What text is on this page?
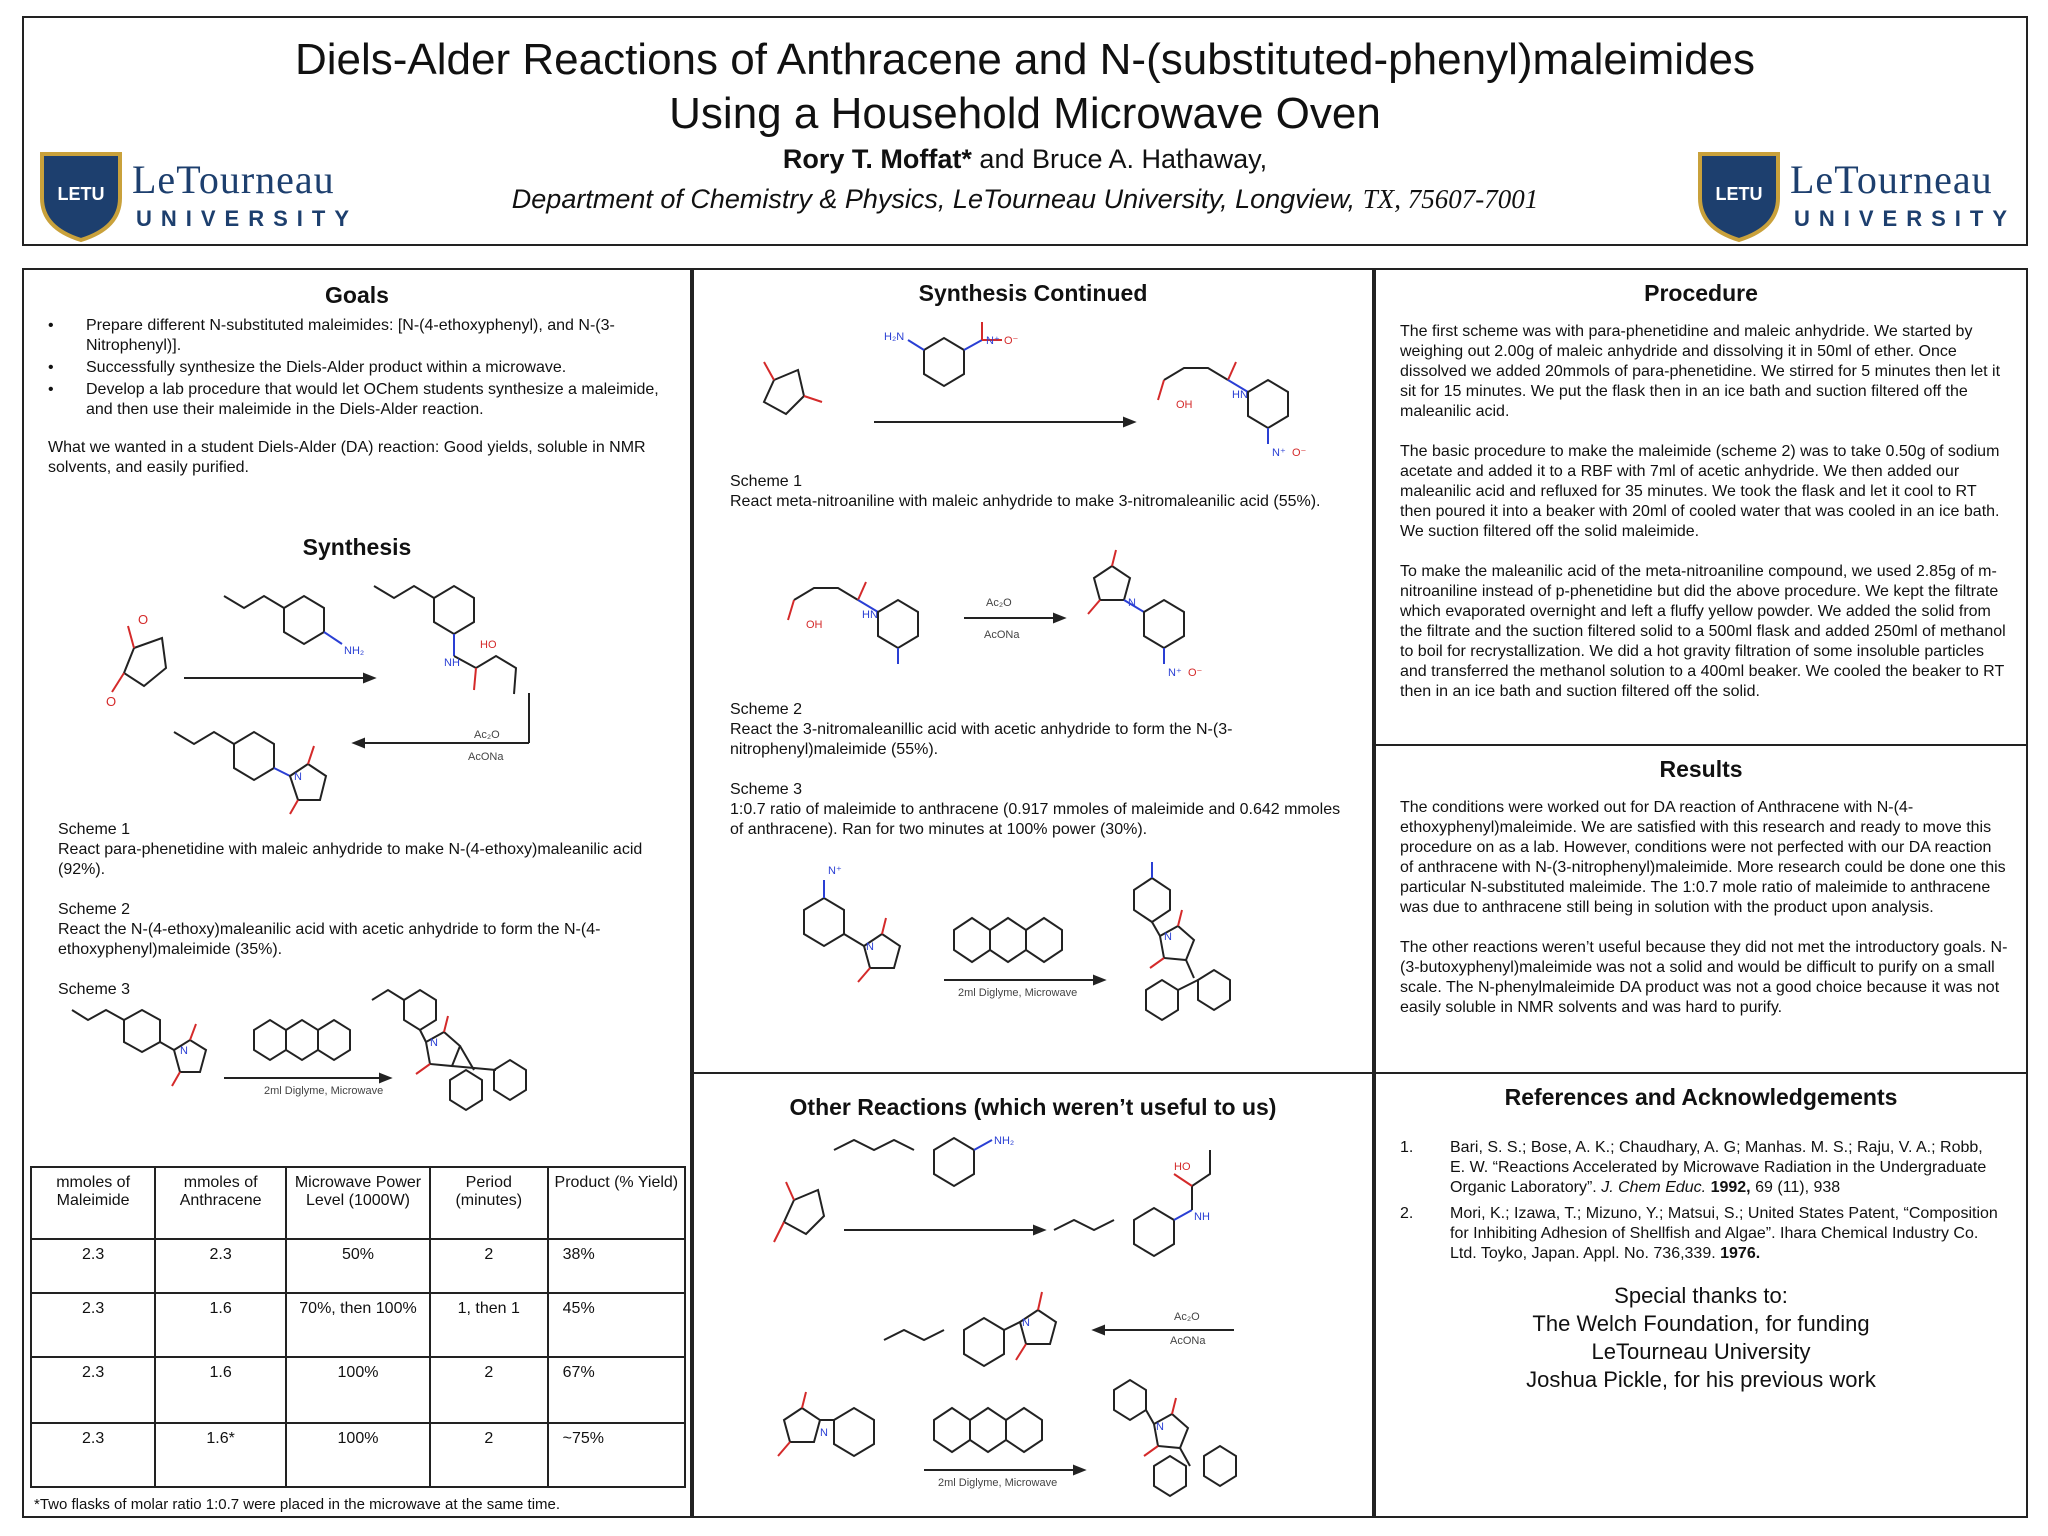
Diels-Alder Reactions of Anthracene and N-(substituted-phenyl)maleimides
Using a Household Microwave Oven
Rory T. Moffat* and Bruce A. Hathaway,
Department of Chemistry & Physics, LeTourneau University, Longview, TX, 75607-7001
LETU LeTourneau
UNIVERSITY
LETU LeTourneau
UNIVERSITY
Goals
• Prepare different N-substituted maleimides: [N-(4-ethoxyphenyl), and N-(3-Nitrophenyl)].
• Successfully synthesize the Diels-Alder product within a microwave.
• Develop a lab procedure that would let OChem students synthesize a maleimide, and then use their maleimide in the Diels-Alder reaction.

What we wanted in a student Diels-Alder (DA) reaction: Good yields, soluble in NMR solvents, and easily purified.

Synthesis
O
O
NH₂
NH
HO
N
Ac₂O
AcONa
Scheme 1
React para-phenetidine with maleic anhydride to make N-(4-ethoxy)maleanilic acid (92%).
Scheme 2
React the N-(4-ethoxy)maleanilic acid with acetic anhydride to form the N-(4-ethoxyphenyl)maleimide (35%).
Scheme 3
N
N
2ml Diglyme, Microwave
mmoles of Maleimide	mmoles of Anthracene	Microwave Power Level (1000W)	Period (minutes)	Product (% Yield)
2.3	2.3	50%	2	38%
2.3	1.6	70%, then 100%	1, then 1	45%
2.3	1.6	100%	2	67%
2.3	1.6*	100%	2	~75%
*Two flasks of molar ratio 1:0.7 were placed in the microwave at the same time.
Synthesis Continued
H₂N	N⁺ O⁻
OH
HN
N⁺ O⁻
Scheme 1
React meta-nitroaniline with maleic anhydride to make 3-nitromaleanilic acid (55%).
OH
HN
Ac₂O
AcONa
N
N⁺ O⁻
Scheme 2
React the 3-nitromaleanillic acid with acetic anhydride to form the N-(3-nitrophenyl)maleimide (55%).
Scheme 3
1:0.7 ratio of maleimide to anthracene (0.917 mmoles of maleimide and 0.642 mmoles of anthracene). Ran for two minutes at 100% power (30%).
N⁺
N
2ml Diglyme, Microwave
N
Other Reactions (which weren’t useful to us)
NH₂
HO
NH
Ac₂O
AcONa
N
N
2ml Diglyme, Microwave
N
Procedure

The first scheme was with para-phenetidine and maleic anhydride. We started by weighing out 2.00g of maleic anhydride and dissolving it in 50ml of ether. Once dissolved we added 20mmols of para-phenetidine. We stirred for 5 minutes then let it sit for 15 minutes. We put the flask then in an ice bath and suction filtered off the maleanilic acid.

The basic procedure to make the maleimide (scheme 2) was to take 0.50g of sodium acetate and added it to a RBF with 7ml of acetic anhydride. We then added our maleanilic acid and refluxed for 35 minutes. We took the flask and let it cool to RT then poured it into a beaker with 20ml of cooled water that was cooled in an ice bath. We suction filtered off the solid maleimide.

To make the maleanilic acid of the meta-nitroaniline compound, we used 2.85g of m-nitroaniline instead of p-phenetidine but did the above procedure. We kept the filtrate which evaporated overnight and left a fluffy yellow powder. We added the solid from the filtrate and the suction filtered solid to a 500ml flask and added 250ml of methanol to boil for recrystallization. We did a hot gravity filtration of some insoluble particles and transferred the methanol solution to a 400ml beaker. We cooled the beaker to RT then in an ice bath and suction filtered off the solid.

Results

The conditions were worked out for DA reaction of Anthracene with N-(4-ethoxyphenyl)maleimide. We are satisfied with this research and ready to move this procedure on as a lab. However, conditions were not perfected with our DA reaction of anthracene with N-(3-nitrophenyl)maleimide. More research could be done one this particular N-substituted maleimide. The 1:0.7 mole ratio of maleimide to anthracene was due to anthracene still being in solution with the product upon analysis.

The other reactions weren’t useful because they did not met the introductory goals. N-(3-butoxyphenyl)maleimide was not a solid and would be difficult to purify on a small scale. The N-phenylmaleimide DA product was not a good choice because it was not easily soluble in NMR solvents and was hard to purify.

References and Acknowledgements
1. Bari, S. S.; Bose, A. K.; Chaudhary, A. G; Manhas. M. S.; Raju, V. A.; Robb, E. W. “Reactions Accelerated by Microwave Radiation in the Undergraduate Organic Laboratory”. J. Chem Educ. 1992, 69 (11), 938
2. Mori, K.; Izawa, T.; Mizuno, Y.; Matsui, S.; United States Patent, “Composition for Inhibiting Adhesion of Shellfish and Algae”. Ihara Chemical Industry Co. Ltd. Toyko, Japan. Appl. No. 736,339. 1976.
Special thanks to:
The Welch Foundation, for funding
LeTourneau University
Joshua Pickle, for his previous work
